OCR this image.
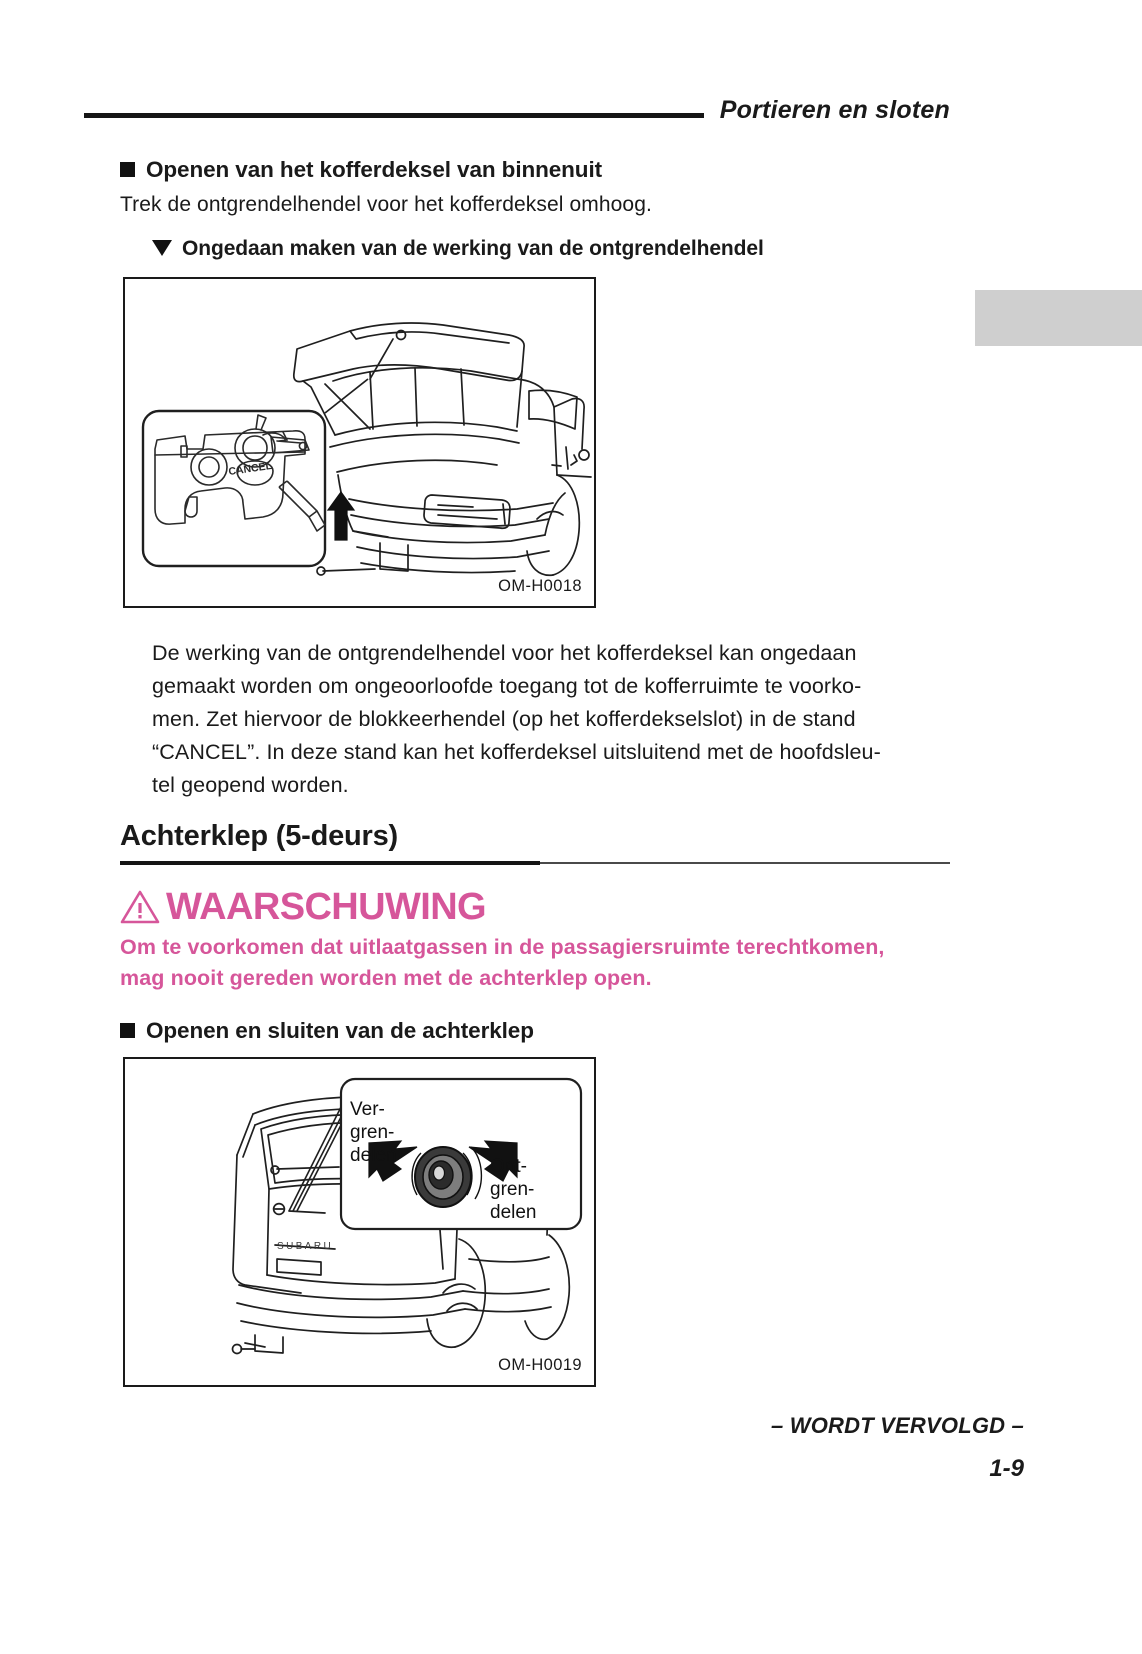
Portieren en sloten
Openen van het kofferdeksel van binnenuit
Trek de ontgrendelhendel voor het kofferdeksel omhoog.
Ongedaan maken van de werking van de ontgrendelhendel
CANCEL
OM-H0018
De werking van de ontgrendelhendel voor het kofferdeksel kan ongedaan
gemaakt worden om ongeoorloofde toegang tot de kofferruimte te voorko-
men. Zet hiervoor de blokkeerhendel (op het kofferdekselslot) in de stand
“CANCEL”. In deze stand kan het kofferdeksel uitsluitend met de hoofdsleu-
tel geopend worden.
Achterklep (5-deurs)
WAARSCHUWING
Om te voorkomen dat uitlaatgassen in de passagiersruimte terechtkomen,
mag nooit gereden worden met de achterklep open.
Openen en sluiten van de achterklep
SUBARU
Ver-
gren-
delen
Ont-
gren-
delen
OM-H0019
– WORDT VERVOLGD –
1-9
